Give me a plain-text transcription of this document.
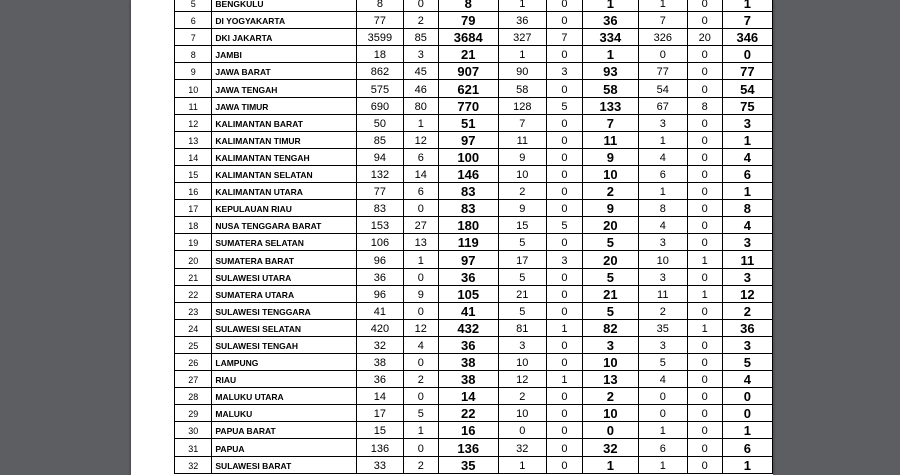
5	BENGKULU	8	0	8	1	0	1	1	0	1
6	DI YOGYAKARTA	77	2	79	36	0	36	7	0	7
7	DKI JAKARTA	3599	85	3684	327	7	334	326	20	346
8	JAMBI	18	3	21	1	0	1	0	0	0
9	JAWA BARAT	862	45	907	90	3	93	77	0	77
10	JAWA TENGAH	575	46	621	58	0	58	54	0	54
11	JAWA TIMUR	690	80	770	128	5	133	67	8	75
12	KALIMANTAN BARAT	50	1	51	7	0	7	3	0	3
13	KALIMANTAN TIMUR	85	12	97	11	0	11	1	0	1
14	KALIMANTAN TENGAH	94	6	100	9	0	9	4	0	4
15	KALIMANTAN SELATAN	132	14	146	10	0	10	6	0	6
16	KALIMANTAN UTARA	77	6	83	2	0	2	1	0	1
17	KEPULAUAN RIAU	83	0	83	9	0	9	8	0	8
18	NUSA TENGGARA BARAT	153	27	180	15	5	20	4	0	4
19	SUMATERA SELATAN	106	13	119	5	0	5	3	0	3
20	SUMATERA BARAT	96	1	97	17	3	20	10	1	11
21	SULAWESI UTARA	36	0	36	5	0	5	3	0	3
22	SUMATERA UTARA	96	9	105	21	0	21	11	1	12
23	SULAWESI TENGGARA	41	0	41	5	0	5	2	0	2
24	SULAWESI SELATAN	420	12	432	81	1	82	35	1	36
25	SULAWESI TENGAH	32	4	36	3	0	3	3	0	3
26	LAMPUNG	38	0	38	10	0	10	5	0	5
27	RIAU	36	2	38	12	1	13	4	0	4
28	MALUKU UTARA	14	0	14	2	0	2	0	0	0
29	MALUKU	17	5	22	10	0	10	0	0	0
30	PAPUA BARAT	15	1	16	0	0	0	1	0	1
31	PAPUA	136	0	136	32	0	32	6	0	6
32	SULAWESI BARAT	33	2	35	1	0	1	1	0	1
